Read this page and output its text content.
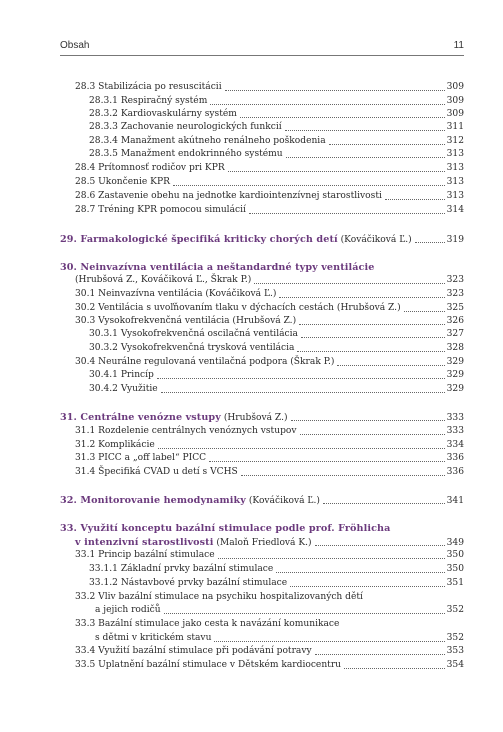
Obsah	11
28.3 Stabilizácia po resuscitácii	309
28.3.1 Respiračný systém	309
28.3.2 Kardiovaskulárny systém	309
28.3.3 Zachovanie neurologických funkcií	311
28.3.4 Manažment akútneho renálneho poškodenia	312
28.3.5 Manažment endokrinného systému	313
28.4 Prítomnosť rodičov pri KPR	313
28.5 Ukončenie KPR	313
28.6 Zastavenie obehu na jednotke kardiointenzívnej starostlivosti	313
28.7 Tréning KPR pomocou simulácií	314
29. Farmakologické špecifiká kriticky chorých detí (Kováčiková Ľ.)	319
30. Neinvazívna ventilácia a neštandardné typy ventilácie
(Hrubšová Z., Kováčiková Ľ., Škrak P.)	323
30.1 Neinvazívna ventilácia (Kováčiková Ľ.)	323
30.2 Ventilácia s uvoľňovaním tlaku v dýchacích cestách (Hrubšová Z.)	325
30.3 Vysokofrekvenčná ventilácia (Hrubšová Z.)	326
30.3.1 Vysokofrekvenčná oscilačná ventilácia	327
30.3.2 Vysokofrekvenčná trysková ventilácia	328
30.4 Neurálne regulovaná ventilačná podpora (Škrak P.)	329
30.4.1 Princíp	329
30.4.2 Využitie	329
31. Centrálne venózne vstupy (Hrubšová Z.)	333
31.1 Rozdelenie centrálnych venóznych vstupov	333
31.2 Komplikácie	334
31.3 PICC a „off label“ PICC	336
31.4 Špecifiká CVAD u detí s VCHS	336
32. Monitorovanie hemodynamiky (Kováčiková Ľ.)	341
33. Využití konceptu bazální stimulace podle prof. Fröhlicha
v intenzivní starostlivosti (Maloň Friedlová K.)	349
33.1 Princip bazální stimulace	350
33.1.1 Základní prvky bazální stimulace	350
33.1.2 Nástavbové prvky bazální stimulace	351
33.2 Vliv bazální stimulace na psychiku hospitalizovaných dětí
a jejich rodičů	352
33.3 Bazální stimulace jako cesta k navázání komunikace
s dětmi v kritickém stavu	352
33.4 Využití bazální stimulace při podávání potravy	353
33.5 Uplatnění bazální stimulace v Dětském kardiocentru	354
